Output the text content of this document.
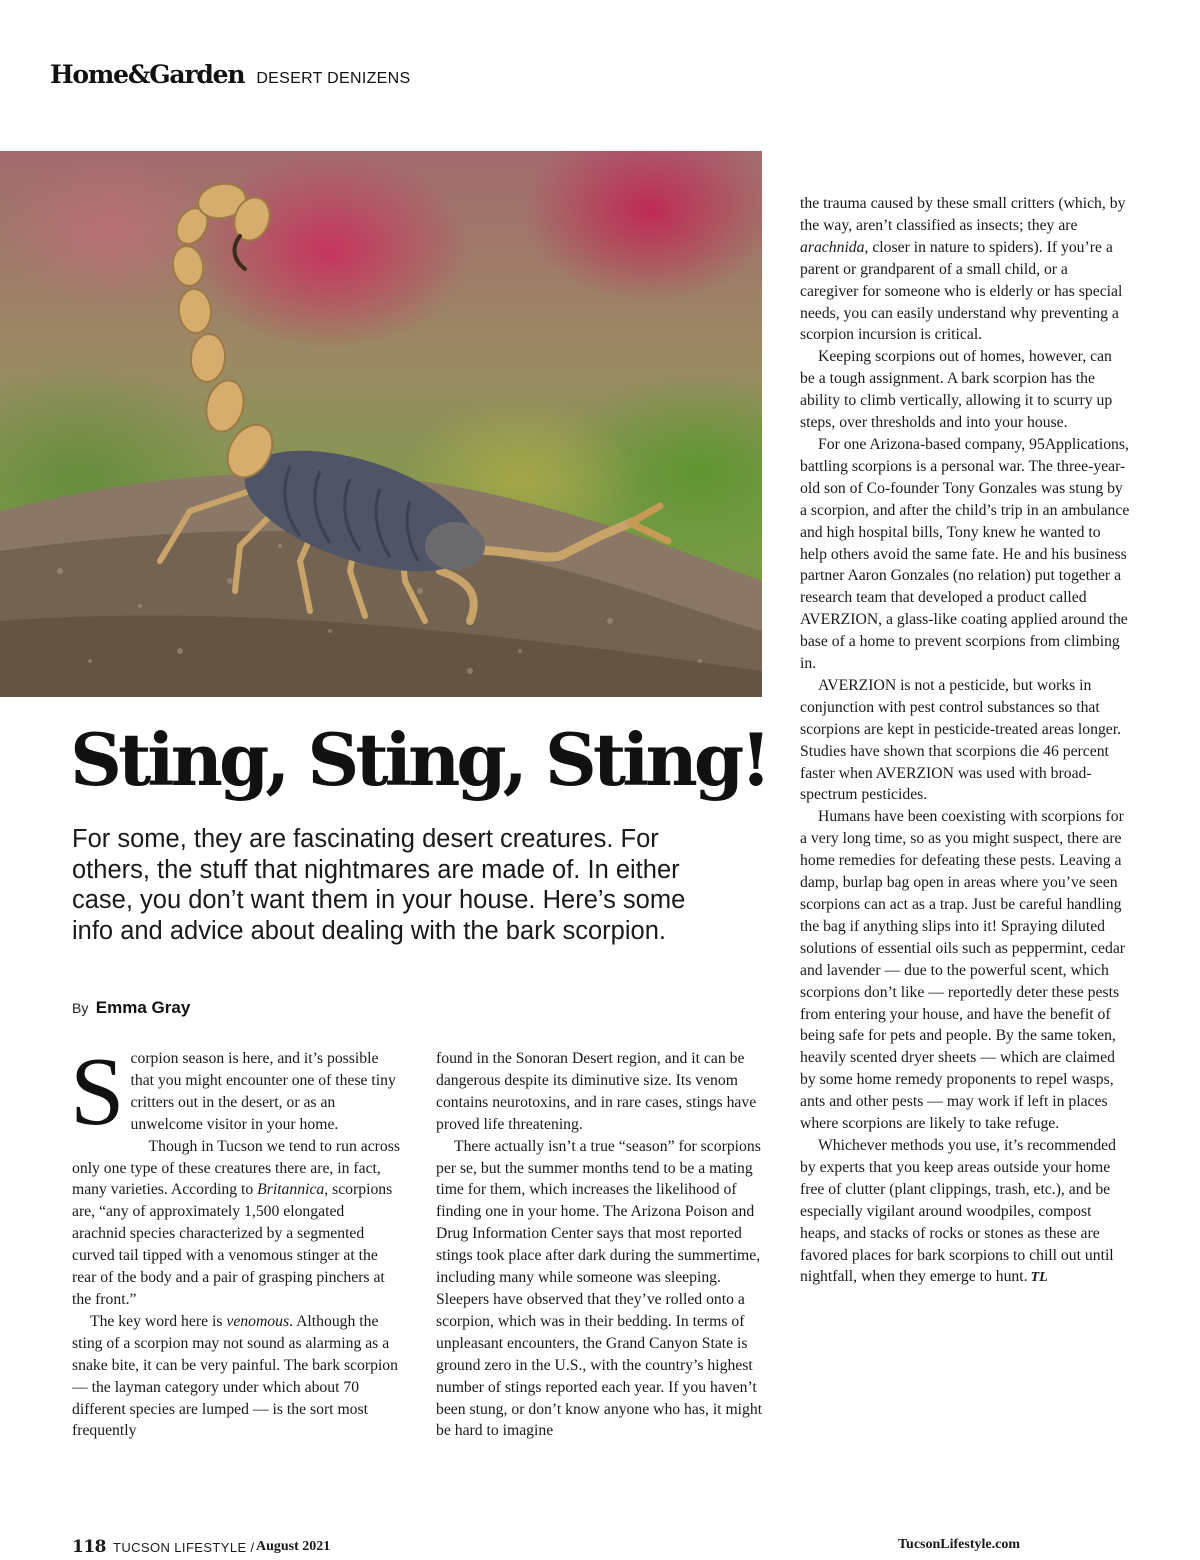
Home&Garden DESERT DENIZENS
Sting, Sting, Sting!

For some, they are fascinating desert creatures. For others, the stuff that nightmares are made of. In either case, you don’t want them in your house. Here’s some info and advice about dealing with the bark scorpion.

By Emma Gray

Scorpion season is here, and it’s possible that you might encounter one of these tiny critters out in the desert, or as an unwelcome visitor in your home.

Though in Tucson we tend to run across only one type of these creatures there are, in fact, many varieties. According to Britannica, scorpions are, “any of approximately 1,500 elongated arachnid species characterized by a segmented curved tail tipped with a venomous stinger at the rear of the body and a pair of grasping pinchers at the front.”

The key word here is venomous. Although the sting of a scorpion may not sound as alarming as a snake bite, it can be very painful. The bark scorpion — the layman category under which about 70 different species are lumped — is the sort most frequently

found in the Sonoran Desert region, and it can be dangerous despite its diminutive size. Its venom contains neurotoxins, and in rare cases, stings have proved life threatening.

There actually isn’t a true “season” for scorpions per se, but the summer months tend to be a mating time for them, which increases the likelihood of finding one in your home. The Arizona Poison and Drug Information Center says that most reported stings took place after dark during the summertime, including many while someone was sleeping. Sleepers have observed that they’ve rolled onto a scorpion, which was in their bedding. In terms of unpleasant encounters, the Grand Canyon State is ground zero in the U.S., with the country’s highest number of stings reported each year. If you haven’t been stung, or don’t know anyone who has, it might be hard to imagine

the trauma caused by these small critters (which, by the way, aren’t classified as insects; they are arachnida, closer in nature to spiders). If you’re a parent or grandparent of a small child, or a caregiver for someone who is elderly or has special needs, you can easily understand why preventing a scorpion incursion is critical.

Keeping scorpions out of homes, however, can be a tough assignment. A bark scorpion has the ability to climb vertically, allowing it to scurry up steps, over thresholds and into your house.

For one Arizona-based company, 95Applications, battling scorpions is a personal war. The three-year-old son of Co-founder Tony Gonzales was stung by a scorpion, and after the child’s trip in an ambulance and high hospital bills, Tony knew he wanted to help others avoid the same fate. He and his business partner Aaron Gonzales (no relation) put together a research team that developed a product called AVERZION, a glass-like coating applied around the base of a home to prevent scorpions from climbing in.

AVERZION is not a pesticide, but works in conjunction with pest control substances so that scorpions are kept in pesticide-treated areas longer. Studies have shown that scorpions die 46 percent faster when AVERZION was used with broad-spectrum pesticides.

Humans have been coexisting with scorpions for a very long time, so as you might suspect, there are home remedies for defeating these pests. Leaving a damp, burlap bag open in areas where you’ve seen scorpions can act as a trap. Just be careful handling the bag if anything slips into it! Spraying diluted solutions of essential oils such as peppermint, cedar and lavender — due to the powerful scent, which scorpions don’t like — reportedly deter these pests from entering your house, and have the benefit of being safe for pets and people. By the same token, heavily scented dryer sheets — which are claimed by some home remedy proponents to repel wasps, ants and other pests — may work if left in places where scorpions are likely to take refuge.

Whichever methods you use, it’s recommended by experts that you keep areas outside your home free of clutter (plant clippings, trash, etc.), and be especially vigilant around woodpiles, compost heaps, and stacks of rocks or stones as these are favored places for bark scorpions to chill out until nightfall, when they emerge to hunt. TL

118 TUCSON LIFESTYLE / August 2021	TucsonLifestyle.com
